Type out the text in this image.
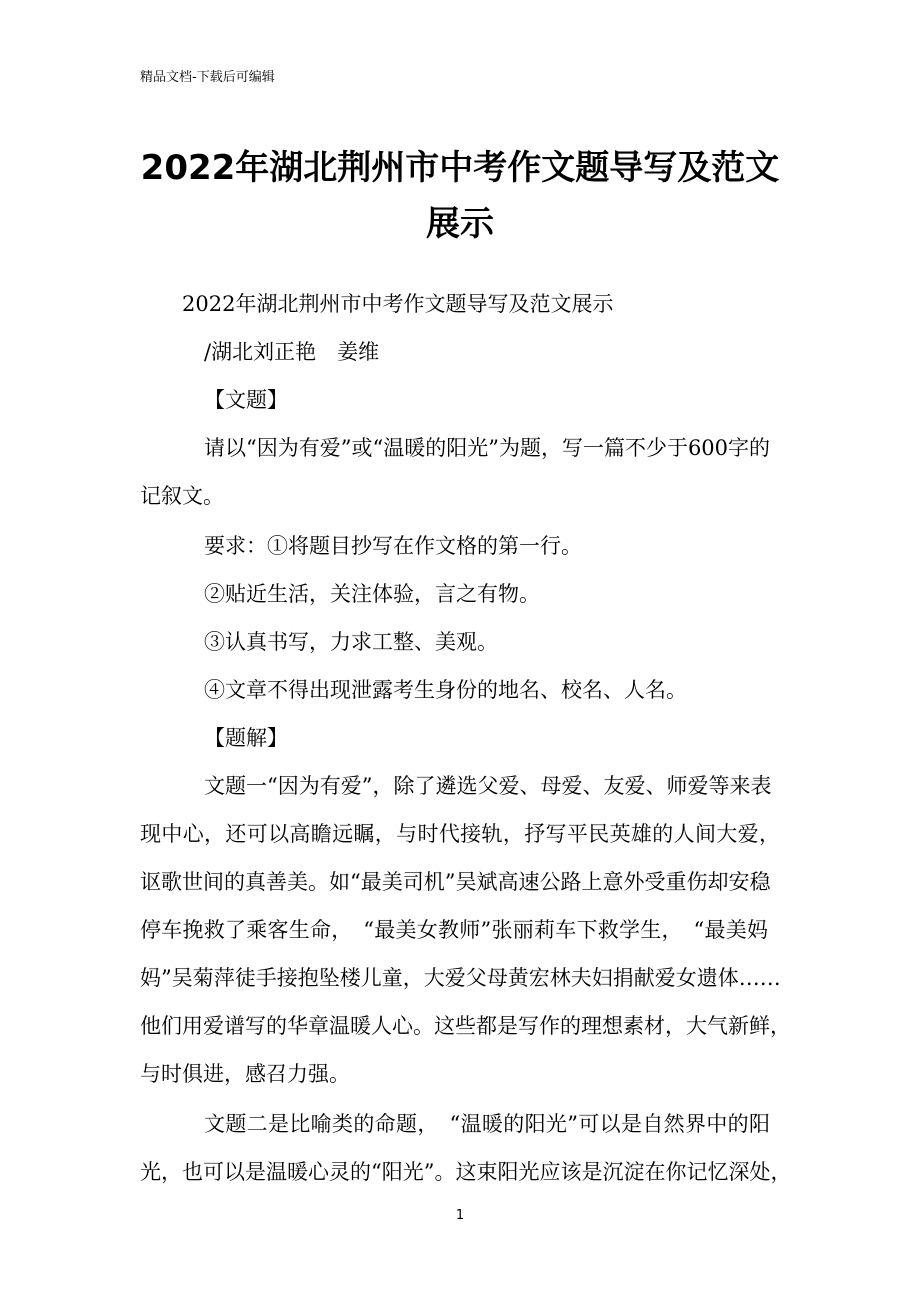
精品文档-下载后可编辑
2022年湖北荆州市中考作文题导写及范文
展示
2022年湖北荆州市中考作文题导写及范文展示
/湖北刘正艳　姜维
【文题】
请以“因为有爱”或“温暖的阳光”为题，写一篇不少于600字的
记叙文。
要求：①将题目抄写在作文格的第一行。
②贴近生活，关注体验，言之有物。
③认真书写，力求工整、美观。
④文章不得出现泄露考生身份的地名、校名、人名。
【题解】
文题一“因为有爱”，除了遴选父爱、母爱、友爱、师爱等来表
现中心，还可以高瞻远瞩，与时代接轨，抒写平民英雄的人间大爱，
讴歌世间的真善美。如“最美司机”吴斌高速公路上意外受重伤却安稳
停车挽救了乘客生命，　“最美女教师”张丽莉车下救学生，　“最美妈
妈”吴菊萍徒手接抱坠楼儿童，大爱父母黄宏林夫妇捐献爱女遗体……
他们用爱谱写的华章温暖人心。这些都是写作的理想素材，大气新鲜，
与时俱进，感召力强。
文题二是比喻类的命题，　“温暖的阳光”可以是自然界中的阳
光，也可以是温暖心灵的“阳光”。这束阳光应该是沉淀在你记忆深处，
1
